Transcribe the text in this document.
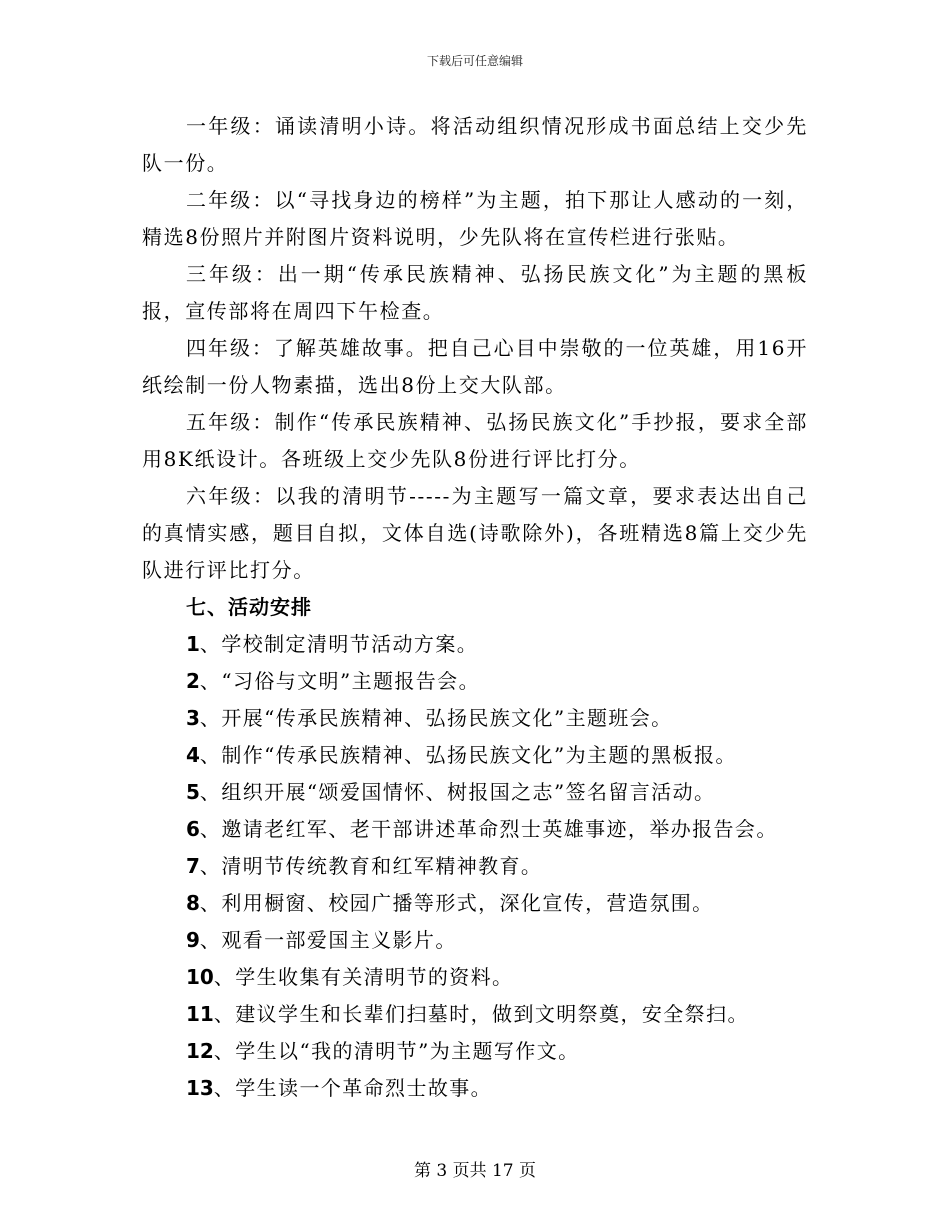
下载后可任意编辑

一年级：诵读清明小诗。将活动组织情况形成书面总结上交少先队一份。

二年级：以“寻找身边的榜样”为主题，拍下那让人感动的一刻，精选8份照片并附图片资料说明，少先队将在宣传栏进行张贴。

三年级：出一期“传承民族精神、弘扬民族文化”为主题的黑板报，宣传部将在周四下午检查。

四年级：了解英雄故事。把自己心目中崇敬的一位英雄，用16开纸绘制一份人物素描，选出8份上交大队部。

五年级：制作“传承民族精神、弘扬民族文化”手抄报，要求全部用8K纸设计。各班级上交少先队8份进行评比打分。

六年级：以我的清明节-----为主题写一篇文章，要求表达出自己的真情实感，题目自拟，文体自选(诗歌除外)，各班精选8篇上交少先队进行评比打分。

七、活动安排

1、学校制定清明节活动方案。

2、“习俗与文明”主题报告会。

3、开展“传承民族精神、弘扬民族文化”主题班会。

4、制作“传承民族精神、弘扬民族文化”为主题的黑板报。

5、组织开展“颂爱国情怀、树报国之志”签名留言活动。

6、邀请老红军、老干部讲述革命烈士英雄事迹，举办报告会。

7、清明节传统教育和红军精神教育。

8、利用橱窗、校园广播等形式，深化宣传，营造氛围。

9、观看一部爱国主义影片。

10、学生收集有关清明节的资料。

11、建议学生和长辈们扫墓时，做到文明祭奠，安全祭扫。

12、学生以“我的清明节”为主题写作文。

13、学生读一个革命烈士故事。

第 3 页共 17 页
